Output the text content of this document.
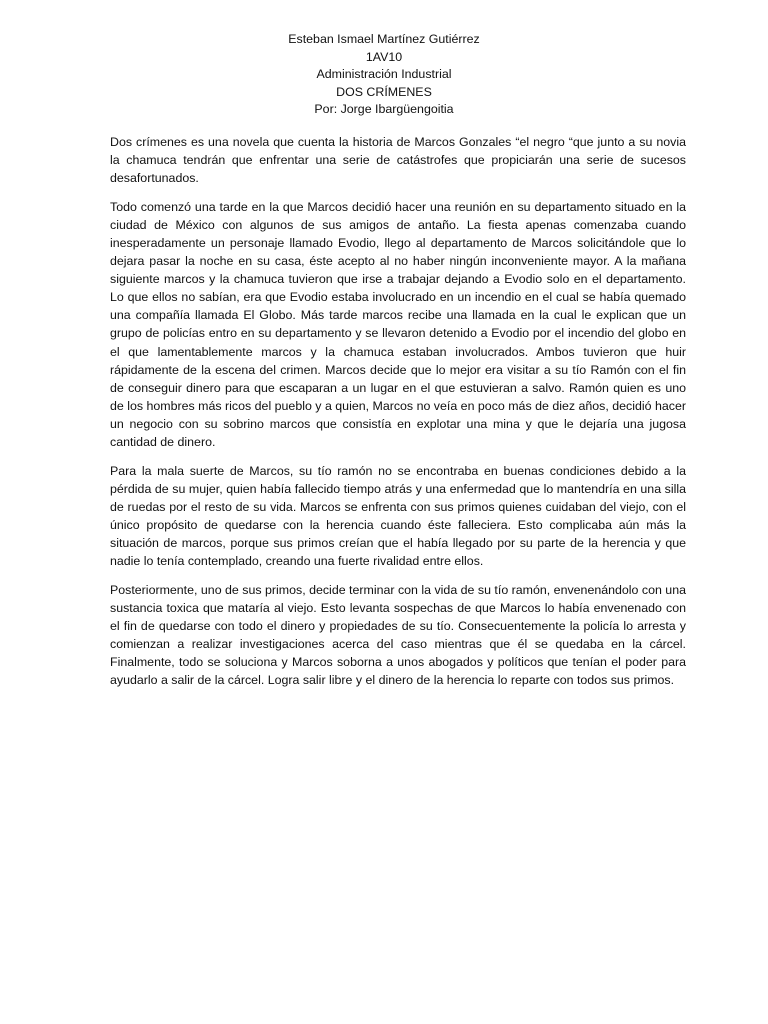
Esteban Ismael Martínez Gutiérrez
1AV10
Administración Industrial
DOS CRÍMENES
Por: Jorge Ibargüengoitia

Dos crímenes es una novela que cuenta la historia de Marcos Gonzales “el negro “que junto a su novia la chamuca tendrán que enfrentar una serie de catástrofes que propiciarán una serie de sucesos desafortunados.

Todo comenzó una tarde en la que Marcos decidió hacer una reunión en su departamento situado en la ciudad de México con algunos de sus amigos de antaño. La fiesta apenas comenzaba cuando inesperadamente un personaje llamado Evodio, llego al departamento de Marcos solicitándole que lo dejara pasar la noche en su casa, éste acepto al no haber ningún inconveniente mayor. A la mañana siguiente marcos y la chamuca tuvieron que irse a trabajar dejando a Evodio solo en el departamento. Lo que ellos no sabían, era que Evodio estaba involucrado en un incendio en el cual se había quemado una compañía llamada El Globo. Más tarde marcos recibe una llamada en la cual le explican que un grupo de policías entro en su departamento y se llevaron detenido a Evodio por el incendio del globo en el que lamentablemente marcos y la chamuca estaban involucrados. Ambos tuvieron que huir rápidamente de la escena del crimen. Marcos decide que lo mejor era visitar a su tío Ramón con el fin de conseguir dinero para que escaparan a un lugar en el que estuvieran a salvo. Ramón quien es uno de los hombres más ricos del pueblo y a quien, Marcos no veía en poco más de diez años, decidió hacer un negocio con su sobrino marcos que consistía en explotar una mina y que le dejaría una jugosa cantidad de dinero.

Para la mala suerte de Marcos, su tío ramón no se encontraba en buenas condiciones debido a la pérdida de su mujer, quien había fallecido tiempo atrás y una enfermedad que lo mantendría en una silla de ruedas por el resto de su vida. Marcos se enfrenta con sus primos quienes cuidaban del viejo, con el único propósito de quedarse con la herencia cuando éste falleciera. Esto complicaba aún más la situación de marcos, porque sus primos creían que el había llegado por su parte de la herencia y que nadie lo tenía contemplado, creando una fuerte rivalidad entre ellos.

Posteriormente, uno de sus primos, decide terminar con la vida de su tío ramón, envenenándolo con una sustancia toxica que mataría al viejo. Esto levanta sospechas de que Marcos lo había envenenado con el fin de quedarse con todo el dinero y propiedades de su tío. Consecuentemente la policía lo arresta y comienzan a realizar investigaciones acerca del caso mientras que él se quedaba en la cárcel. Finalmente, todo se soluciona y Marcos soborna a unos abogados y políticos que tenían el poder para ayudarlo a salir de la cárcel. Logra salir libre y el dinero de la herencia lo reparte con todos sus primos.
